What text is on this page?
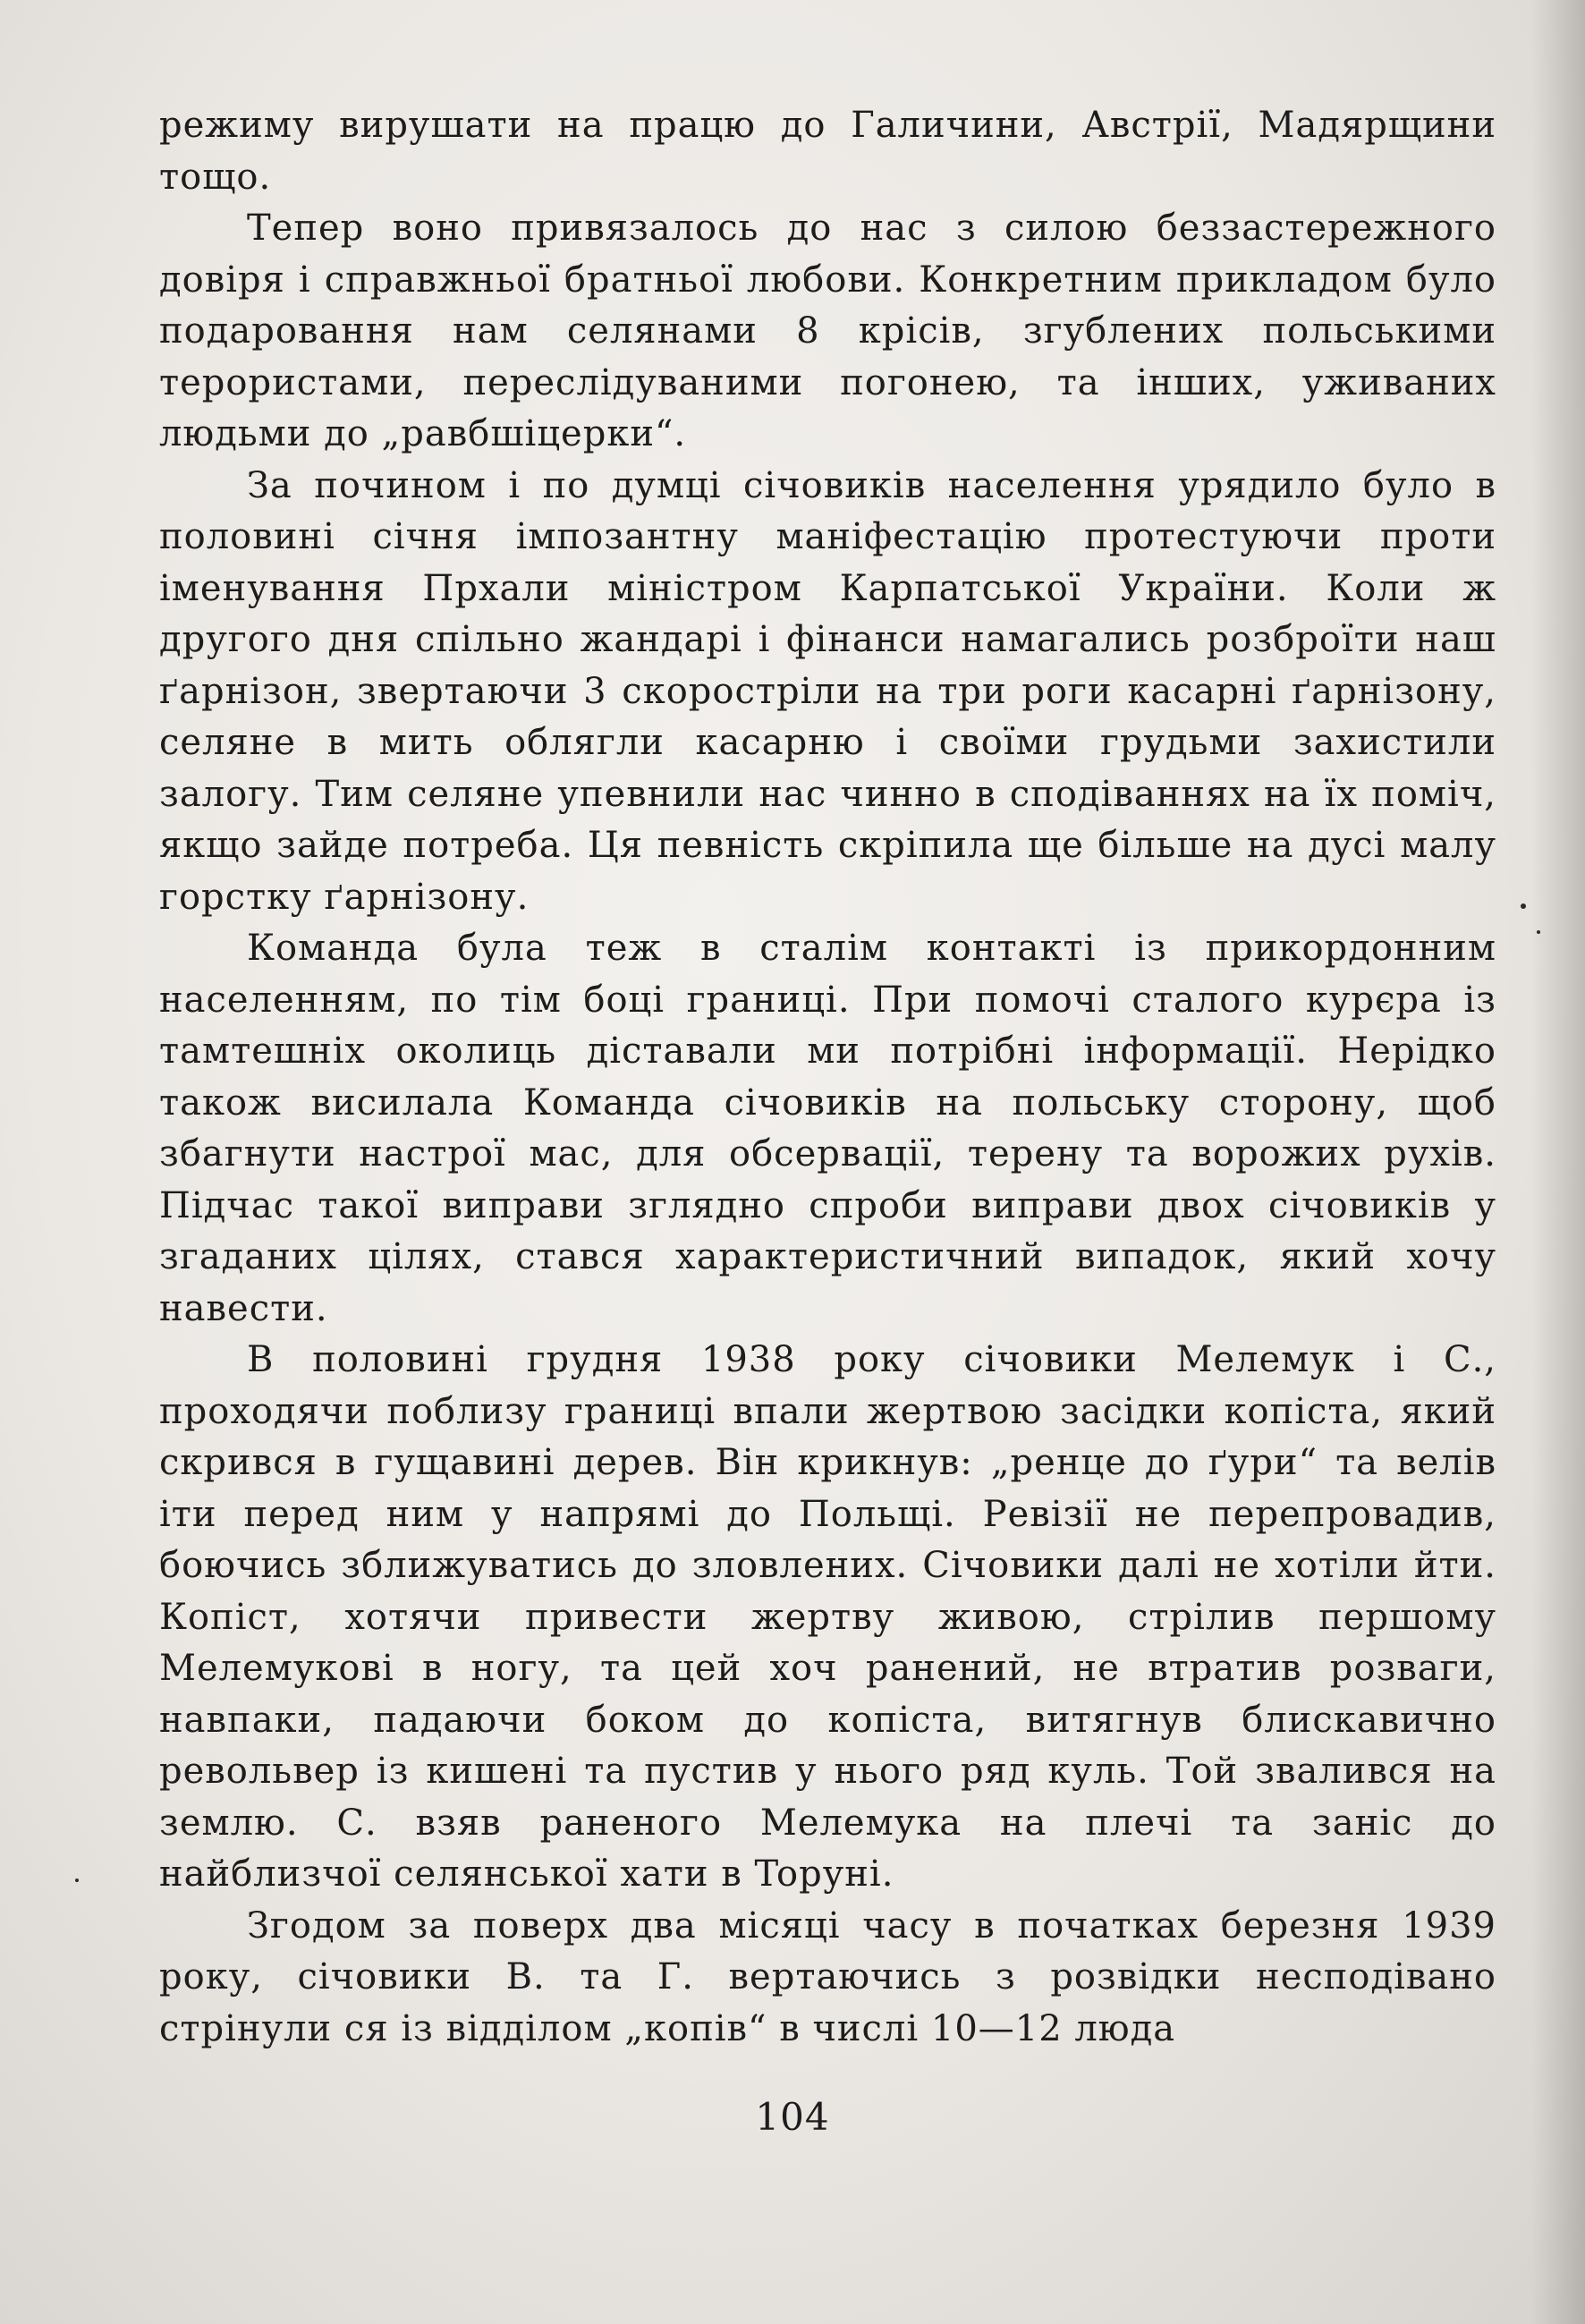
режиму вирушати на працю до Галичини, Австрії, Мадярщини тощо.

Тепер воно привязалось до нас з силою беззастережного довіря і справжньої братньої любови. Конкретним прикладом було подаровання нам селянами 8 крісів, згублених польськими терористами, переслідуваними погонею, та інших, уживаних людьми до „равбшіцерки“.

За почином і по думці січовиків населення урядило було в половині січня імпозантну маніфестацію протестуючи проти іменування Прхали міністром Карпатської України. Коли ж другого дня спільно жандарі і фінанси намагались розброїти наш ґарнізон, звертаючи 3 скоростріли на три роги касарні ґарнізону, селяне в мить облягли касарню і своїми грудьми захистили залогу. Тим селяне упевнили нас чинно в сподіваннях на їх поміч, якщо зайде потреба. Ця певність скріпила ще більше на дусі малу горстку ґарнізону.

Команда була теж в сталім контакті із прикордонним населенням, по тім боці границі. При помочі сталого курєра із тамтешніх околиць діставали ми потрібні інформації. Нерідко також висилала Команда січовиків на польську сторону, щоб збагнути настрої мас, для обсервації, терену та ворожих рухів. Підчас такої виправи зглядно спроби виправи двох січовиків у згаданих цілях, стався характеристичний випадок, який хочу навести.

В половині грудня 1938 року січовики Мелемук і С., проходячи поблизу границі впали жертвою засідки копіста, який скрився в гущавині дерев. Він крикнув: „ренце до ґури“ та велів іти перед ним у напрямі до Польщі. Ревізії не перепровадив, боючись зближуватись до зловлених. Січовики далі не хотіли йти. Копіст, хотячи привести жертву живою, стрілив першому Мелемукові в ногу, та цей хоч ранений, не втратив розваги, навпаки, падаючи боком до копіста, витягнув блискавично револьвер із кишені та пустив у нього ряд куль. Той звалився на землю. С. взяв раненого Мелемука на плечі та заніс до найблизчої селянської хати в Toруні.

Згодом за поверх два місяці часу в початках березня 1939 року, січовики В. та Г. вертаючись з розвідки несподівано стрінули ся із відділом „копів“ в числі 10—12 люда

104
